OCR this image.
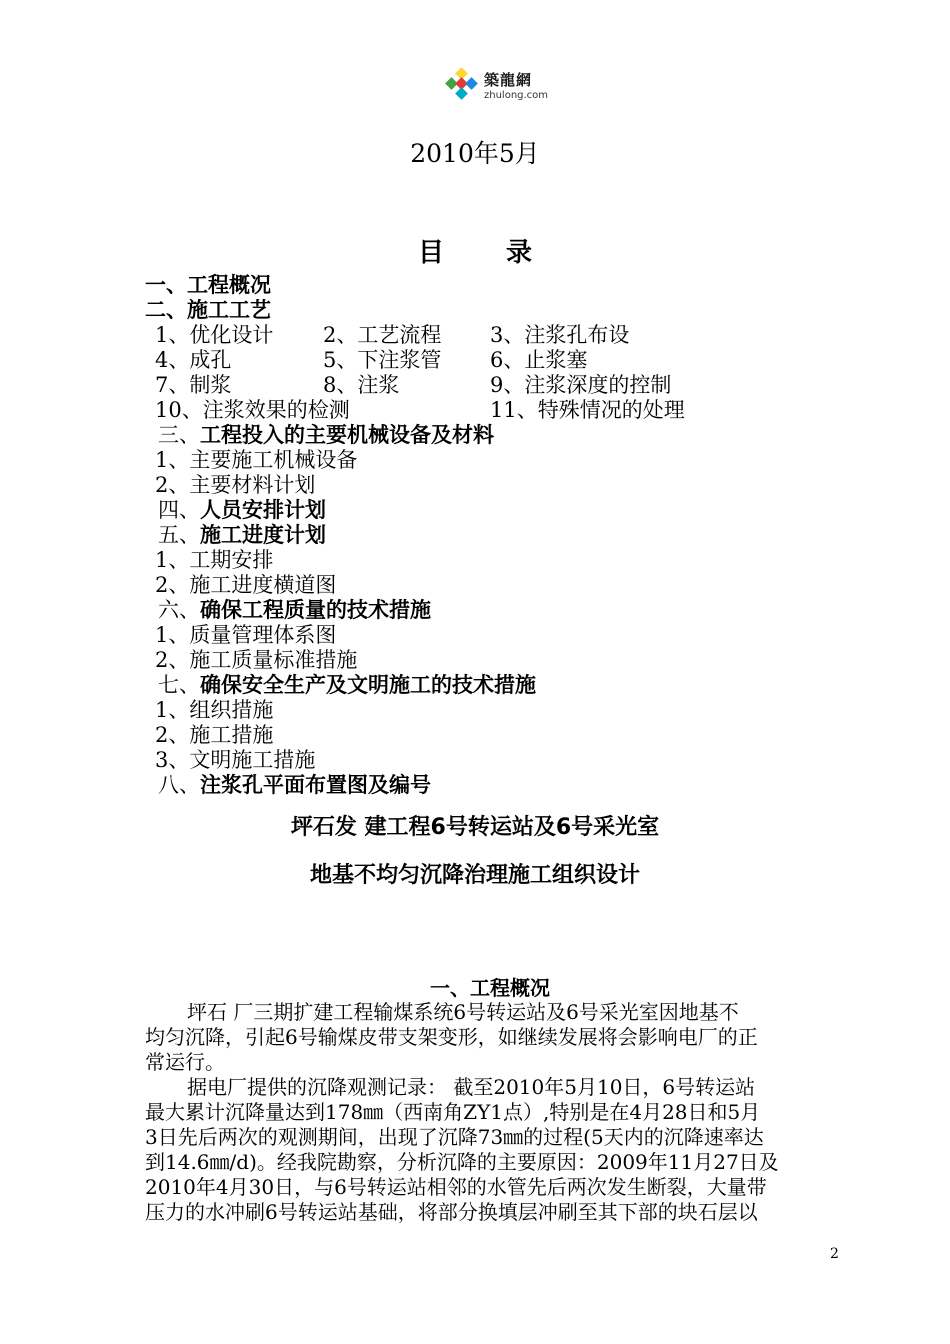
築龍網
zhulong.com
2010年5月
目 录
一、工程概况
二、施工工艺
1、优化设计 2、工艺流程 3、注浆孔布设
4、成孔	5、下注浆管 6、止浆塞
7、制浆	8、注浆	9、注浆深度的控制
10、注浆效果的检测	11、特殊情况的处理
三、工程投入的主要机械设备及材料
1、主要施工机械设备
2、主要材料计划
四、人员安排计划
五、施工进度计划
1、工期安排
2、施工进度横道图
六、确保工程质量的技术措施
1、质量管理体系图
2、施工质量标准措施
七、确保安全生产及文明施工的技术措施
1、组织措施
2、施工措施
3、文明施工措施
八、注浆孔平面布置图及编号
坪石发 建工程6号转运站及6号采光室
地基不均匀沉降治理施工组织设计
一、工程概况
坪石 厂三期扩建工程输煤系统6号转运站及6号采光室因地基不
均匀沉降，引起6号输煤皮带支架变形，如继续发展将会影响电厂的正
常运行。
据电厂提供的沉降观测记录： 截至2010年5月10日，6号转运站
最大累计沉降量达到178㎜（西南角ZY1点）,特别是在4月28日和5月
3日先后两次的观测期间，出现了沉降73㎜的过程(5天内的沉降速率达
到14.6㎜/d)。经我院勘察，分析沉降的主要原因：2009年11月27日及
2010年4月30日，与6号转运站相邻的水管先后两次发生断裂，大量带
压力的水冲刷6号转运站基础，将部分换填层冲刷至其下部的块石层以
2
